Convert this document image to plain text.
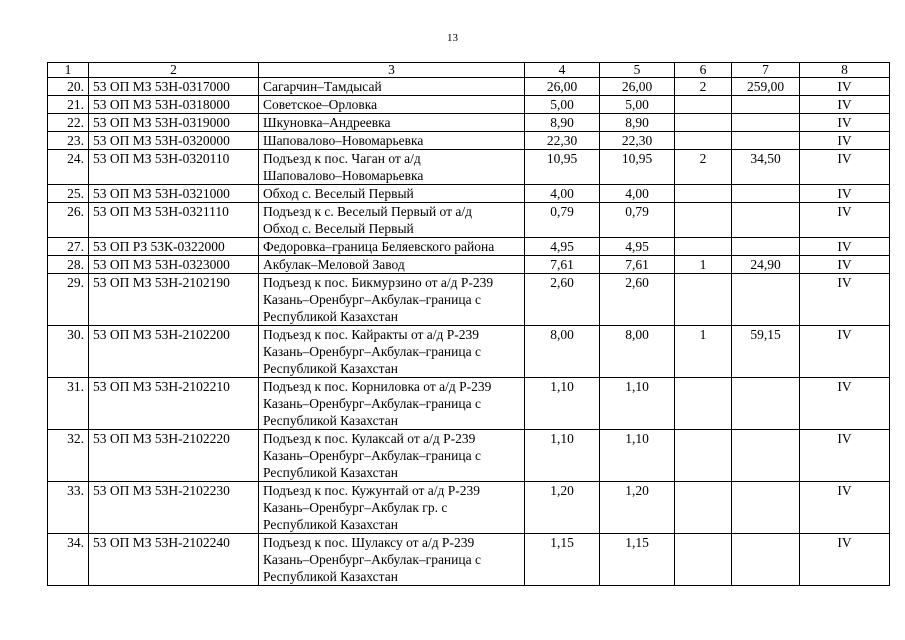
13
1	2	3	4	5	6	7	8
20.	53 ОП МЗ 53Н-0317000	Сагарчин–Тамдысай	26,00	26,00	2	259,00	IV
21.	53 ОП МЗ 53Н-0318000	Советское–Орловка	5,00	5,00			IV
22.	53 ОП МЗ 53Н-0319000	Шкуновка–Андреевка	8,90	8,90			IV
23.	53 ОП МЗ 53Н-0320000	Шаповалово–Новомарьевка	22,30	22,30			IV
24.	53 ОП МЗ 53Н-0320110	Подъезд к пос. Чаган от а/д
Шаповалово–Новомарьевка	10,95	10,95	2	34,50	IV
25.	53 ОП МЗ 53Н-0321000	Обход с. Веселый Первый	4,00	4,00			IV
26.	53 ОП МЗ 53Н-0321110	Подъезд к с. Веселый Первый от а/д
Обход с. Веселый Первый	0,79	0,79			IV
27.	53 ОП РЗ 53К-0322000	Федоровка–граница Беляевского района	4,95	4,95			IV
28.	53 ОП МЗ 53Н-0323000	Акбулак–Меловой Завод	7,61	7,61	1	24,90	IV
29.	53 ОП МЗ 53Н-2102190	Подъезд к пос. Бикмурзино от а/д Р-239
Казань–Оренбург–Акбулак–граница с
Республикой Казахстан	2,60	2,60			IV
30.	53 ОП МЗ 53Н-2102200	Подъезд к пос. Кайракты от а/д Р-239
Казань–Оренбург–Акбулак–граница с
Республикой Казахстан	8,00	8,00	1	59,15	IV
31.	53 ОП МЗ 53Н-2102210	Подъезд к пос. Корниловка от а/д Р-239
Казань–Оренбург–Акбулак–граница с
Республикой Казахстан	1,10	1,10			IV
32.	53 ОП МЗ 53Н-2102220	Подъезд к пос. Кулаксай от а/д Р-239
Казань–Оренбург–Акбулак–граница с
Республикой Казахстан	1,10	1,10			IV
33.	53 ОП МЗ 53Н-2102230	Подъезд к пос. Кужунтай от а/д Р-239
Казань–Оренбург–Акбулак гр. с
Республикой Казахстан	1,20	1,20			IV
34.	53 ОП МЗ 53Н-2102240	Подъезд к пос. Шулаксу от а/д Р-239
Казань–Оренбург–Акбулак–граница с
Республикой Казахстан	1,15	1,15			IV
